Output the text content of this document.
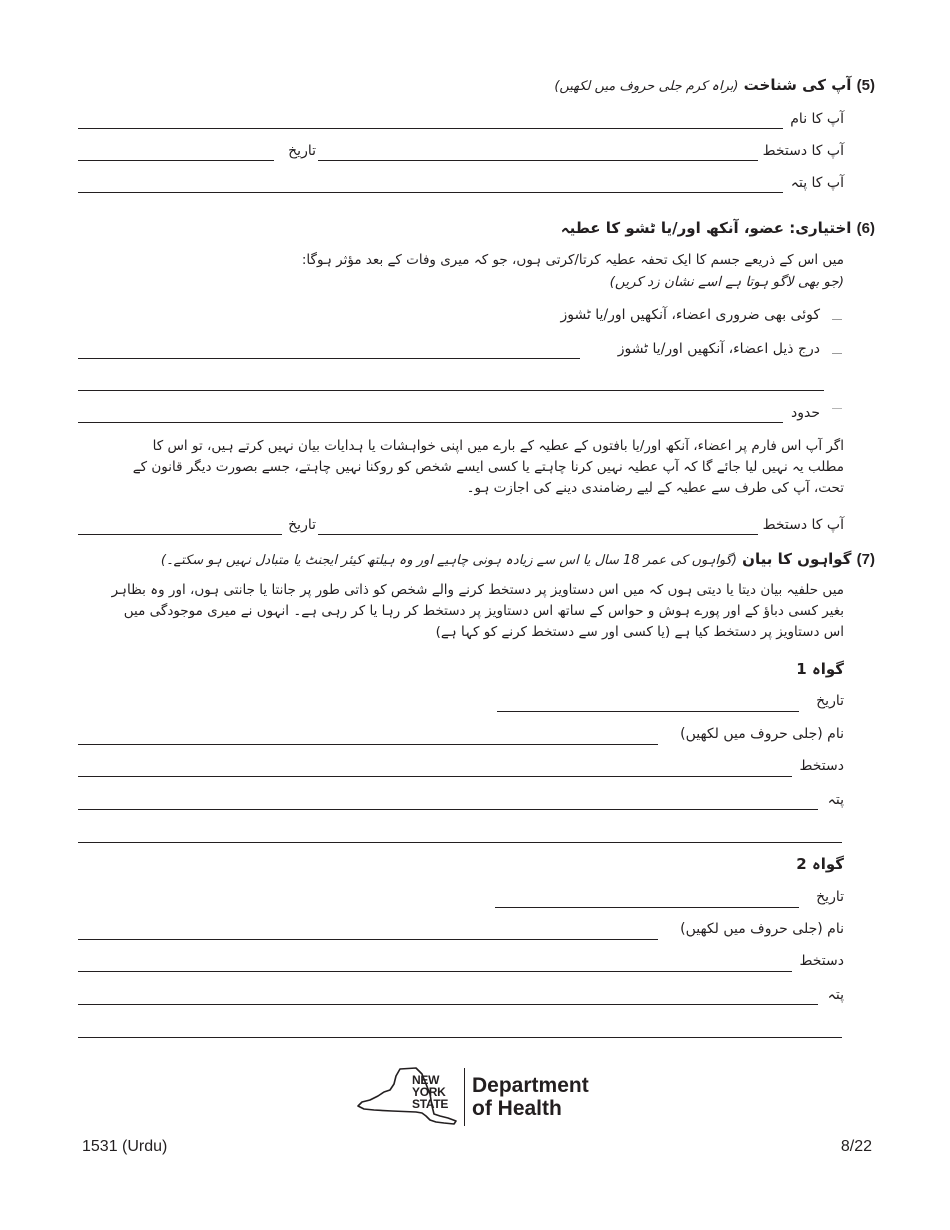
(5) آپ کی شناخت (براہ کرم جلی حروف میں لکھیں)
آپ کا نام
آپ کا دستخط
تاریخ
آپ کا پتہ
(6) اختیاری: عضو، آنکھ اور/یا ٹشو کا عطیہ
میں اس کے ذریعے جسم کا ایک تحفہ عطیہ کرتا/کرتی ہوں، جو کہ میری وفات کے بعد مؤثر ہوگا:
(جو بھی لاگو ہوتا ہے اسے نشان زد کریں)
کوئی بھی ضروری اعضاء، آنکھیں اور/یا ٹشوز
درج ذیل اعضاء، آنکھیں اور/یا ٹشوز
حدود
اگر آپ اس فارم پر اعضاء، آنکھ اور/یا بافتوں کے عطیہ کے بارے میں اپنی خواہشات یا ہدایات بیان نہیں کرتے ہیں، تو اس کا مطلب یہ نہیں لیا جائے گا کہ آپ عطیہ نہیں کرنا چاہتے یا کسی ایسے شخص کو روکنا نہیں چاہتے، جسے بصورت دیگر قانون کے تحت، آپ کی طرف سے عطیہ کے لیے رضامندی دینے کی اجازت ہو۔
آپ کا دستخط
تاریخ
(7) گواہوں کا بیان (گواہوں کی عمر 18 سال یا اس سے زیادہ ہونی چاہیے اور وہ ہیلتھ کیئر ایجنٹ یا متبادل نہیں ہو سکتے۔)
میں حلفیہ بیان دیتا یا دیتی ہوں کہ میں اس دستاویز پر دستخط کرنے والے شخص کو ذاتی طور پر جانتا یا جانتی ہوں، اور وہ بظاہر بغیر کسی دباؤ کے اور پورے ہوش و حواس کے ساتھ اس دستاویز پر دستخط کر رہا یا کر رہی ہے۔ انہوں نے میری موجودگی میں اس دستاویز پر دستخط کیا ہے (یا کسی اور سے دستخط کرنے کو کہا ہے)
گواہ 1
تاریخ
نام (جلی حروف میں لکھیں)
دستخط
پتہ
گواہ 2
تاریخ
نام (جلی حروف میں لکھیں)
دستخط
پتہ
NEW
YORK
STATE
Department
of Health
1531 (Urdu)	8/22
